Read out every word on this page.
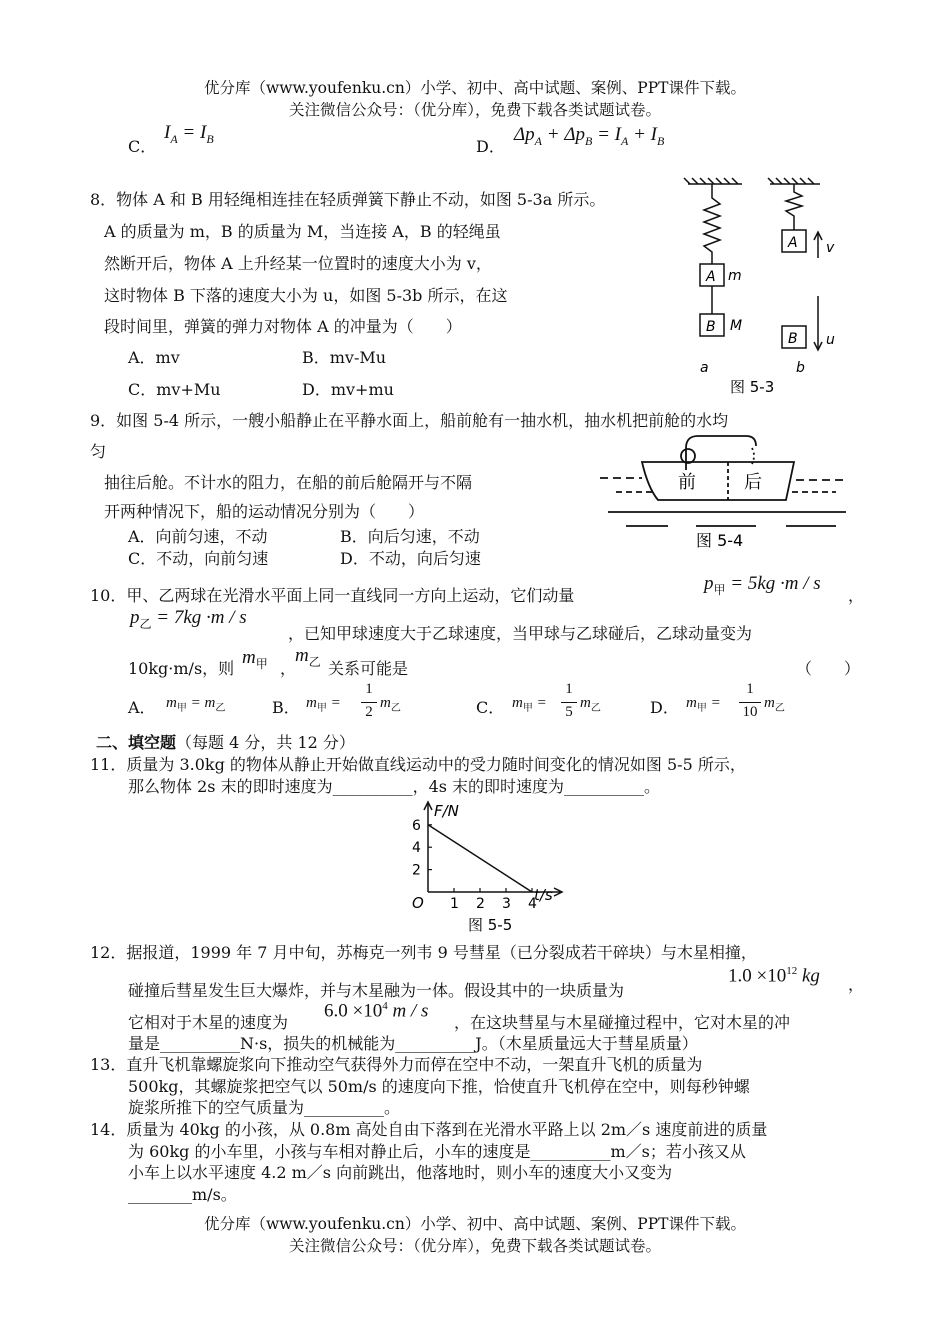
优分库（www.youfenku.cn）小学、初中、高中试题、案例、PPT课件下载。
关注微信公众号：（优分库），免费下载各类试题试卷。
C．
$I_A = I_B$	D．
$\Delta p_A + \Delta p_B = I_A + I_B$
8．物体 A 和 B 用轻绳相连挂在轻质弹簧下静止不动，如图 5-3a 所示。
A 的质量为 m，B 的质量为 M，当连接 A，B 的轻绳虽
然断开后，物体 A 上升经某一位置时的速度大小为 v，
这时物体 B 下落的速度大小为 u，如图 5-3b 所示，在这
段时间里，弹簧的弹力对物体 A 的冲量为（　　）
A．mv	B．mv-Mu
C．mv+Mu	D．mv+mu
A m
B M
A
B
v
u
a	b
图 5-3
9．如图 5-4 所示，一艘小船静止在平静水面上，船前舱有一抽水机，抽水机把前舱的水均
匀
抽往后舱。不计水的阻力，在船的前后舱隔开与不隔
开两种情况下，船的运动情况分别为（　　）
A．向前匀速，不动	B．向后匀速，不动
C．不动，向前匀速	D．不动，向后匀速
前	后
图 5-4
10．甲、乙两球在光滑水平面上同一直线同一方向上运动，它们动量
$p_甲 = 5kg \cdot m / s$
，
$p_乙 = 7kg \cdot m / s$
，已知甲球速度大于乙球速度，当甲球与乙球碰后，乙球动量变为
10kg·m/s，则
$m_甲$ ，
$m_乙$ 关系可能是	（　　）
A． $m_甲 = m_乙$	B． $m_甲$ =
1
2
$m_乙$	C． $m_甲$ =
1
5
$m_乙$	D． $m_甲$ =
1
10
$m_乙$
二、填空题（每题 4 分，共 12 分）
11．质量为 3.0kg 的物体从静止开始做直线运动中的受力随时间变化的情况如图 5-5 所示，
那么物体 2s 末的即时速度为__________，4s 末的即时速度为__________。
1 2 3 4
2
4
6
F/N
t/s
O
图 5-5
12．据报道，1999 年 7 月中旬，苏梅克一列韦 9 号彗星（已分裂成若干碎块）与木星相撞，
碰撞后彗星发生巨大爆炸，并与木星融为一体。假设其中的一块质量为
$1.0 \times 10^{12}$ kg ，
它相对于木星的速度为
$6.0 \times 10^4$ m / s
，在这块彗星与木星碰撞过程中，它对木星的冲
量是__________N·s，损失的机械能为__________J。（木星质量远大于彗星质量）
13．直升飞机靠螺旋浆向下推动空气获得外力而停在空中不动，一架直升飞机的质量为
500kg，其螺旋浆把空气以 50m/s 的速度向下推，恰使直升飞机停在空中，则每秒钟螺
旋浆所推下的空气质量为__________。
14．质量为 40kg 的小孩，从 0.8m 高处自由下落到在光滑水平路上以 2m／s 速度前进的质量
为 60kg 的小车里，小孩与车相对静止后，小车的速度是__________m／s；若小孩又从
小车上以水平速度 4.2 m／s 向前跳出，他落地时，则小车的速度大小又变为
________m/s。
优分库（www.youfenku.cn）小学、初中、高中试题、案例、PPT课件下载。
关注微信公众号：（优分库），免费下载各类试题试卷。
